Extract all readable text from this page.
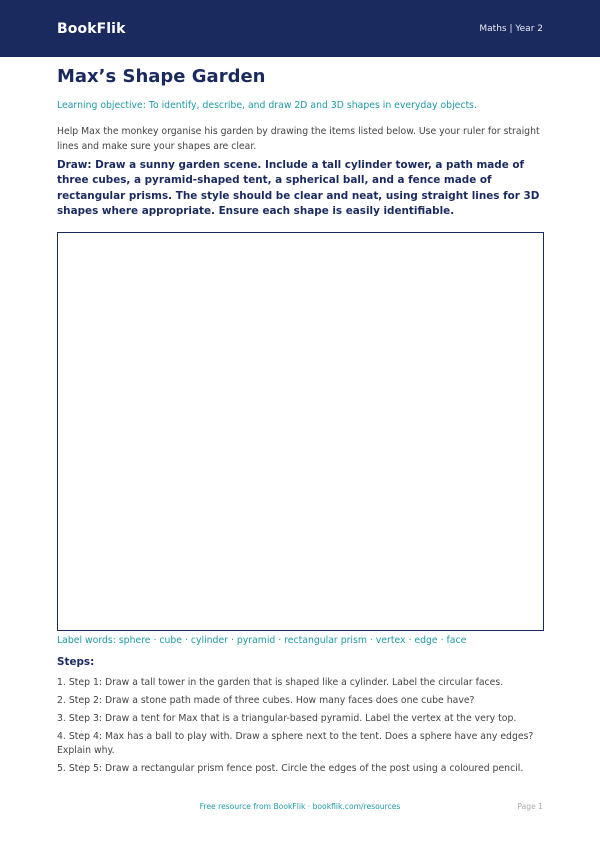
BookFlik	Maths | Year 2
Max’s Shape Garden
Learning objective: To identify, describe, and draw 2D and 3D shapes in everyday objects.
Help Max the monkey organise his garden by drawing the items listed below. Use your ruler for straight lines and make sure your shapes are clear.
Draw: Draw a sunny garden scene. Include a tall cylinder tower, a path made of three cubes, a pyramid-shaped tent, a spherical ball, and a fence made of rectangular prisms. The style should be clear and neat, using straight lines for 3D shapes where appropriate. Ensure each shape is easily identifiable.
Label words: sphere · cube · cylinder · pyramid · rectangular prism · vertex · edge · face
Steps:
1. Step 1: Draw a tall tower in the garden that is shaped like a cylinder. Label the circular faces.
2. Step 2: Draw a stone path made of three cubes. How many faces does one cube have?
3. Step 3: Draw a tent for Max that is a triangular-based pyramid. Label the vertex at the very top.
4. Step 4: Max has a ball to play with. Draw a sphere next to the tent. Does a sphere have any edges? Explain why.
5. Step 5: Draw a rectangular prism fence post. Circle the edges of the post using a coloured pencil.
Free resource from BookFlik · bookflik.com/resources	Page 1
